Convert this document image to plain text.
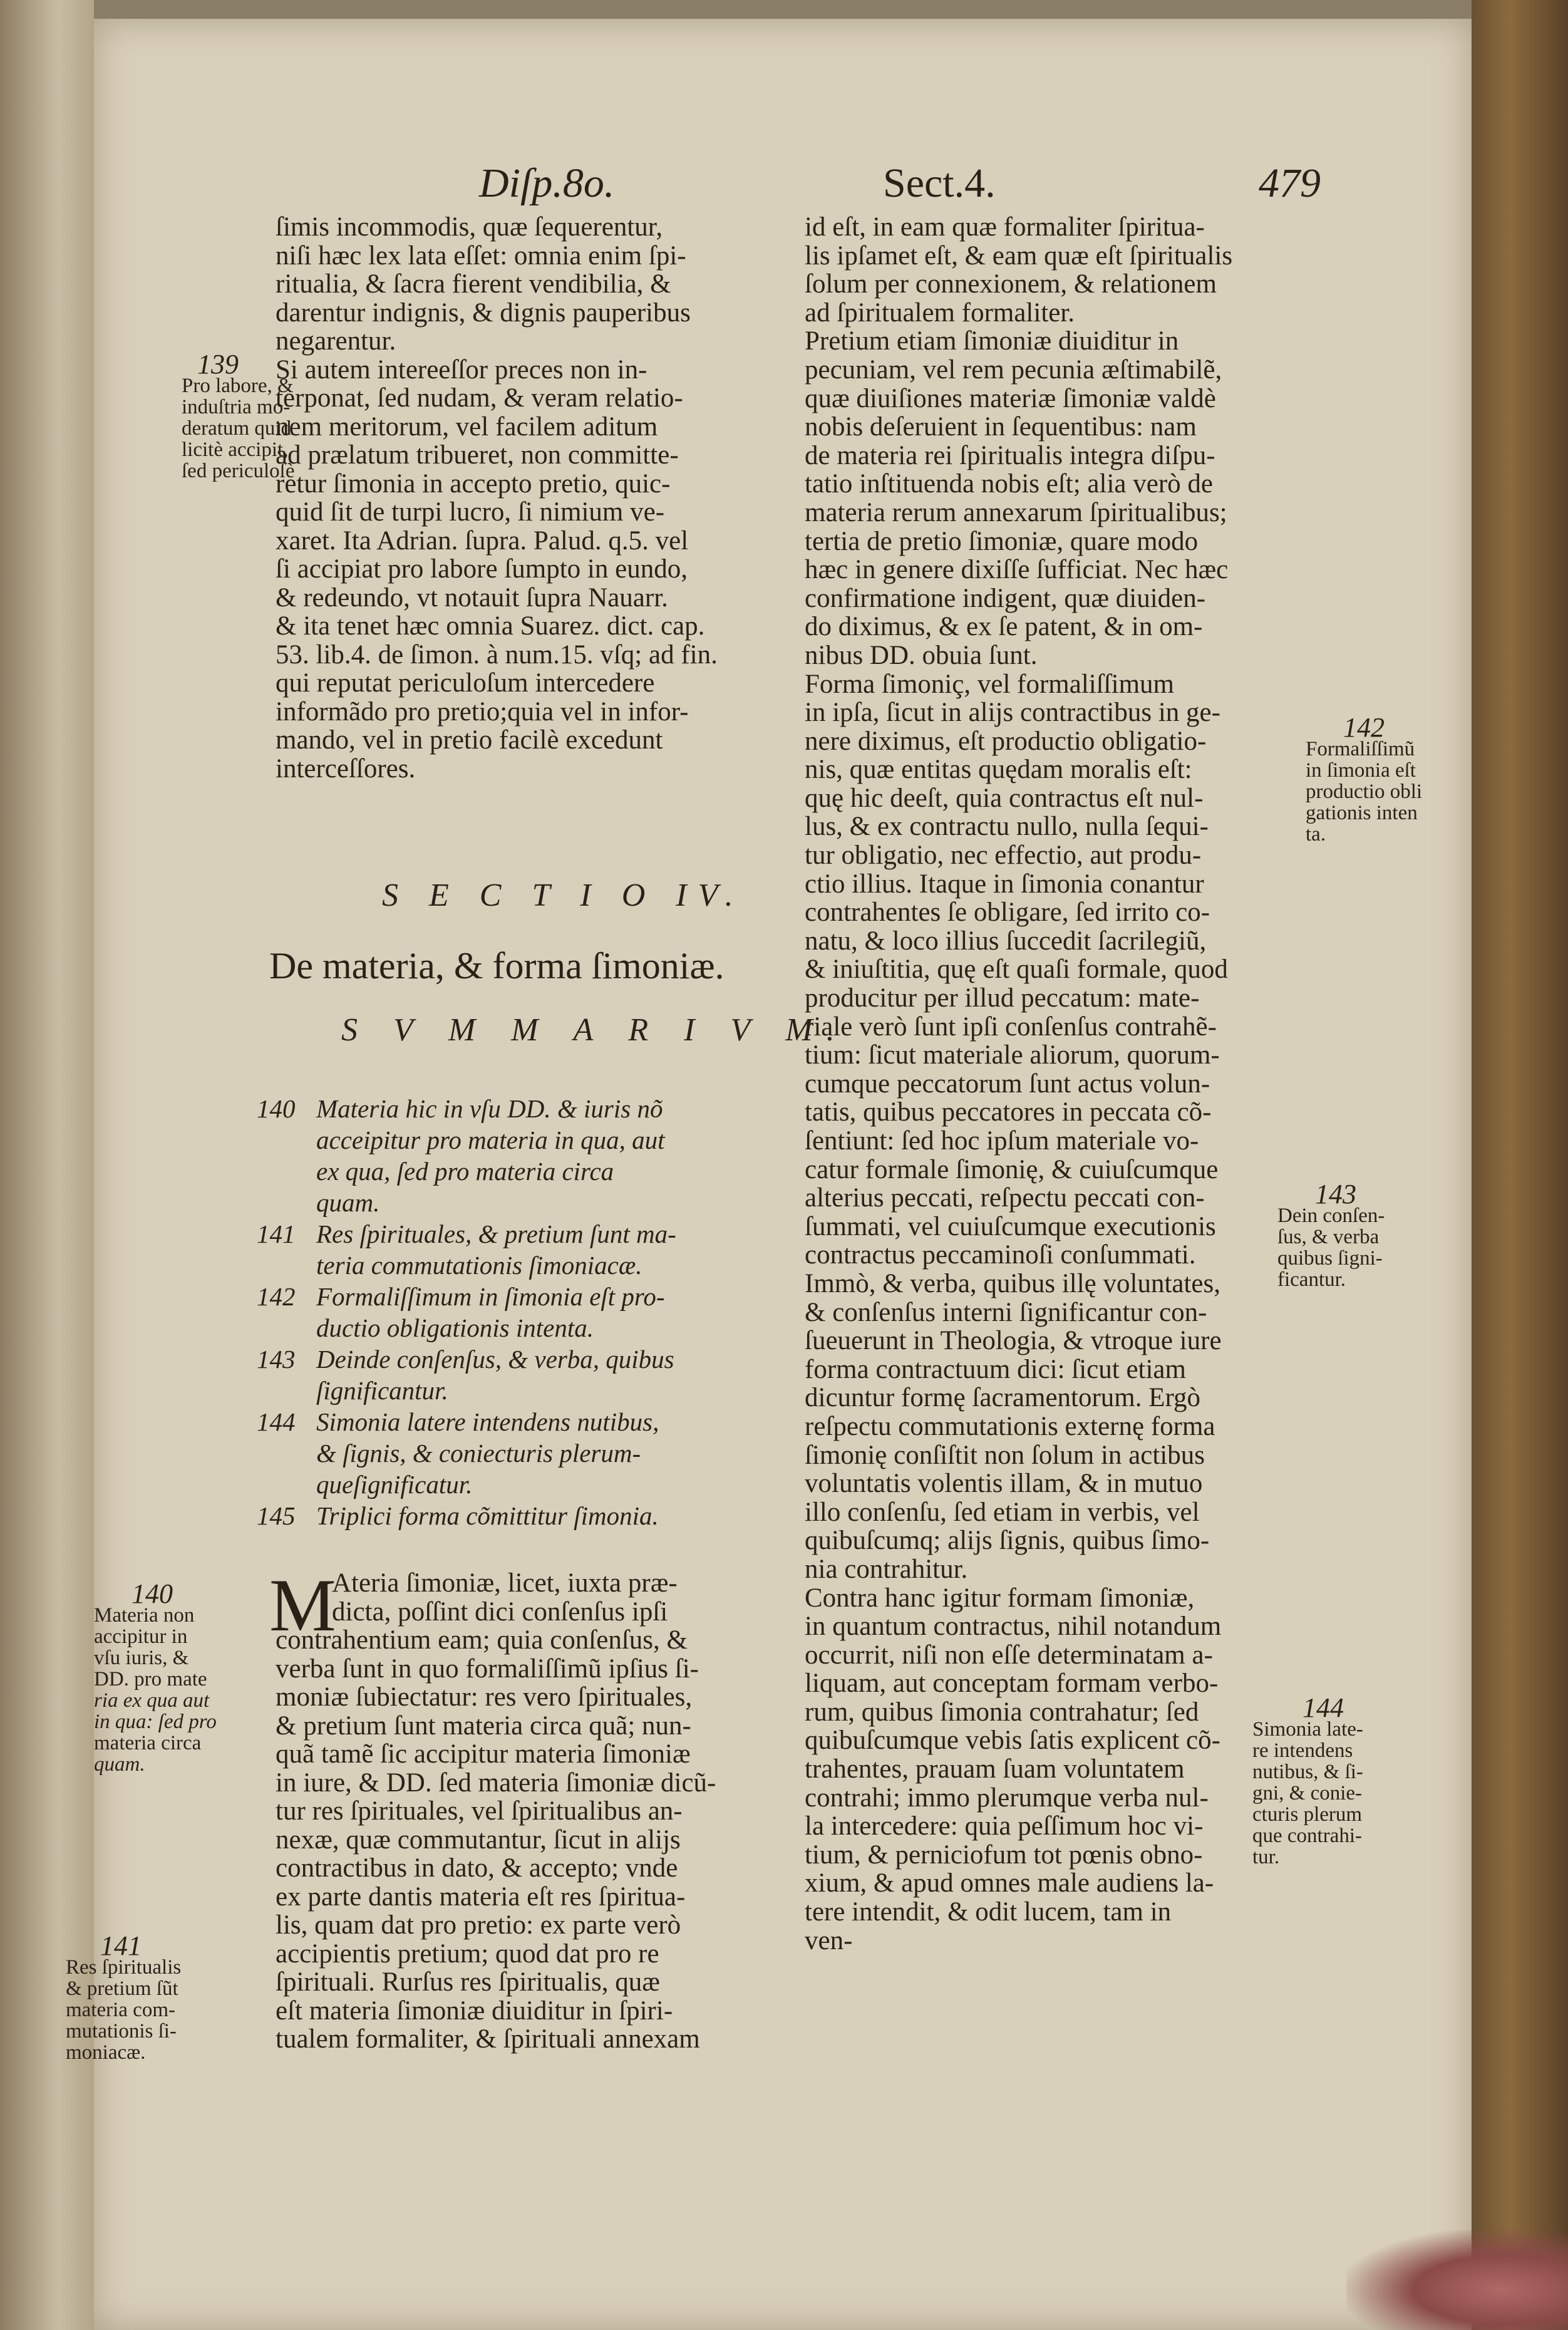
Diſp.8o.	Sect.4.	479
ſimis incommodis, quæ ſequerentur,
niſi hæc lex lata eſſet: omnia enim ſpi-
ritualia, & ſacra fierent vendibilia, &
darentur indignis, & dignis pauperibus
negarentur.
Si autem intereeſſor preces non in-
terponat, ſed nudam, & veram relatio-
nem meritorum, vel facilem aditum
ad prælatum tribueret, non committe-
retur ſimonia in accepto pretio, quic-
quid ſit de turpi lucro, ſi nimium ve-
xaret. Ita Adrian. ſupra. Palud. q.5. vel
ſi accipiat pro labore ſumpto in eundo,
& redeundo, vt notauit ſupra Nauarr.
& ita tenet hæc omnia Suarez. dict. cap.
53. lib.4. de ſimon. à num.15. vſq; ad fin.
qui reputat periculoſum intercedere
informãdo pro pretio;quia vel in infor-
mando, vel in pretio facilè excedunt
interceſſores.
S E C T I O IV.
De materia, & forma ſimoniæ.
S V M M A R I V M.
140 Materia hic in vſu DD. & iuris nõ
acceipitur pro materia in qua, aut
ex qua, ſed pro materia circa
quam.
141 Res ſpirituales, & pretium ſunt ma-
teria commutationis ſimoniacæ.
142 Formaliſſimum in ſimonia eſt pro-
ductio obligationis intenta.
143 Deinde conſenſus, & verba, quibus
ſignificantur.
144 Simonia latere intendens nutibus,
& ſignis, & coniecturis plerum-
queſignificatur.
145 Triplici forma cõmittitur ſimonia.
M
Ateria ſimoniæ, licet, iuxta præ-
dicta, poſſint dici conſenſus ipſi
contrahentium eam; quia conſenſus, &
verba ſunt in quo formaliſſimũ ipſius ſi-
moniæ ſubiectatur: res vero ſpirituales,
& pretium ſunt materia circa quã; nun-
quã tamẽ ſic accipitur materia ſimoniæ
in iure, & DD. ſed materia ſimoniæ dicũ-
tur res ſpirituales, vel ſpiritualibus an-
nexæ, quæ commutantur, ſicut in alijs
contractibus in dato, & accepto; vnde
ex parte dantis materia eſt res ſpiritua-
lis, quam dat pro pretio: ex parte verò
accipientis pretium; quod dat pro re
ſpirituali. Rurſus res ſpiritualis, quæ
eſt materia ſimoniæ diuiditur in ſpiri-
tualem formaliter, & ſpirituali annexam
id eſt, in eam quæ formaliter ſpiritua-
lis ipſamet eſt, & eam quæ eſt ſpiritualis
ſolum per connexionem, & relationem
ad ſpiritualem formaliter.
Pretium etiam ſimoniæ diuiditur in
pecuniam, vel rem pecunia æſtimabilẽ,
quæ diuiſiones materiæ ſimoniæ valdè
nobis deſeruient in ſequentibus: nam
de materia rei ſpiritualis integra diſpu-
tatio inſtituenda nobis eſt; alia verò de
materia rerum annexarum ſpiritualibus;
tertia de pretio ſimoniæ, quare modo
hæc in genere dixiſſe ſufficiat. Nec hæc
confirmatione indigent, quæ diuiden-
do diximus, & ex ſe patent, & in om-
nibus DD. obuia ſunt.
Forma ſimoniç, vel formaliſſimum
in ipſa, ſicut in alijs contractibus in ge-
nere diximus, eſt productio obligatio-
nis, quæ entitas quędam moralis eſt:
quę hic deeſt, quia contractus eſt nul-
lus, & ex contractu nullo, nulla ſequi-
tur obligatio, nec effectio, aut produ-
ctio illius. Itaque in ſimonia conantur
contrahentes ſe obligare, ſed irrito co-
natu, & loco illius ſuccedit ſacrilegiũ,
& iniuſtitia, quę eſt quaſi formale, quod
producitur per illud peccatum: mate-
riale verò ſunt ipſi conſenſus contrahẽ-
tium: ſicut materiale aliorum, quorum-
cumque peccatorum ſunt actus volun-
tatis, quibus peccatores in peccata cõ-
ſentiunt: ſed hoc ipſum materiale vo-
catur formale ſimonię, & cuiuſcumque
alterius peccati, reſpectu peccati con-
ſummati, vel cuiuſcumque executionis
contractus peccaminoſi conſummati.
Immò, & verba, quibus illę voluntates,
& conſenſus interni ſignificantur con-
ſueuerunt in Theologia, & vtroque iure
forma contractuum dici: ſicut etiam
dicuntur formę ſacramentorum. Ergò
reſpectu commutationis externę forma
ſimonię conſiſtit non ſolum in actibus
voluntatis volentis illam, & in mutuo
illo conſenſu, ſed etiam in verbis, vel
quibuſcumq; alijs ſignis, quibus ſimo-
nia contrahitur.
Contra hanc igitur formam ſimoniæ,
in quantum contractus, nihil notandum
occurrit, niſi non eſſe determinatam a-
liquam, aut conceptam formam verbo-
rum, quibus ſimonia contrahatur; ſed
quibuſcumque vebis ſatis explicent cõ-
trahentes, prauam ſuam voluntatem
contrahi; immo plerumque verba nul-
la intercedere: quia peſſimum hoc vi-
tium, & perniciofum tot pœnis obno-
xium, & apud omnes male audiens la-
tere intendit, & odit lucem, tam in
ven-
139
Pro labore, &
induſtria mo-
deratum quid
licitè accipit,
ſed periculoſè
140
Materia non
accipitur in
vſu iuris, &
DD. pro mate
ria ex qua aut
in qua: ſed pro
materia circa
quam.
141
Res ſpiritualis
& pretium ſũt
materia com-
mutationis ſi-
moniacæ.
142
Formaliſſimũ
in ſimonia eſt
productio obli
gationis inten
ta.
143
Dein conſen-
ſus, & verba
quibus ſigni-
ficantur.
144
Simonia late-
re intendens
nutibus, & ſi-
gni, & conie-
cturis plerum
que contrahi-
tur.
